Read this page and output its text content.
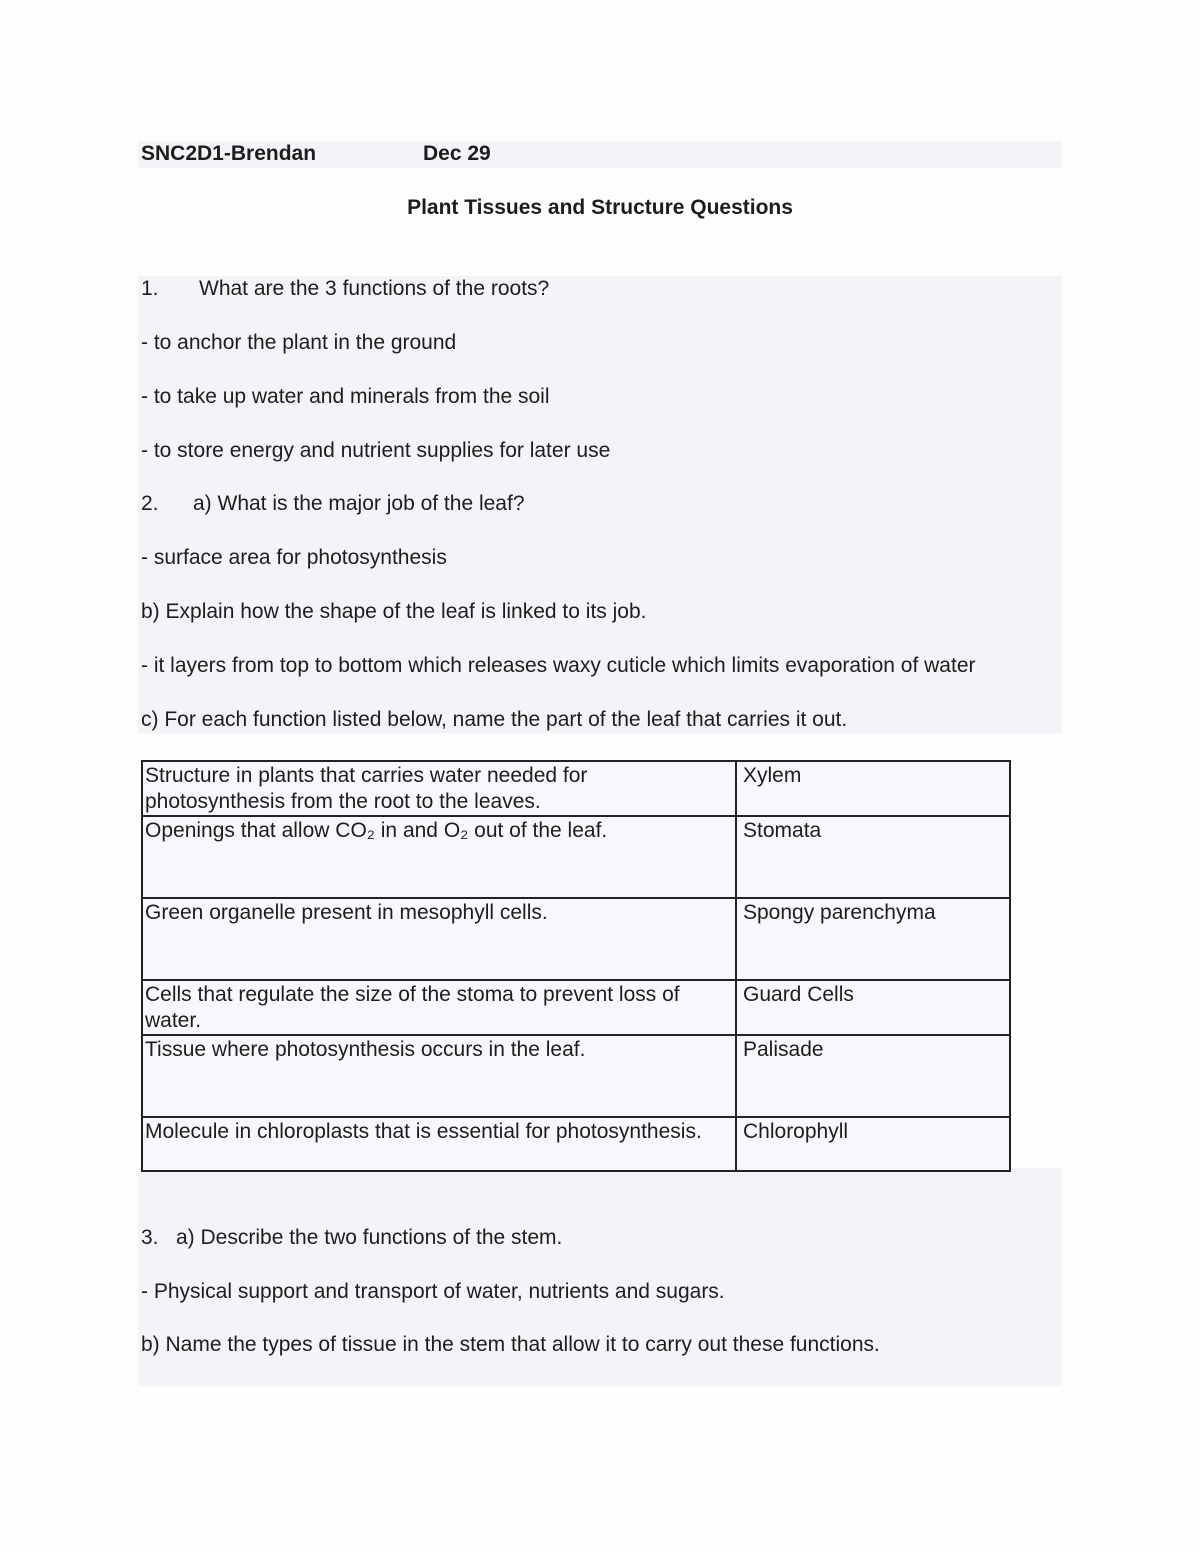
SNC2D1-Brendan	Dec 29
Plant Tissues and Structure Questions
1. What are the 3 functions of the roots?
- to anchor the plant in the ground
- to take up water and minerals from the soil
- to store energy and nutrient supplies for later use
2. a) What is the major job of the leaf?
- surface area for photosynthesis
b) Explain how the shape of the leaf is linked to its job.
- it layers from top to bottom which releases waxy cuticle which limits evaporation of water
c) For each function listed below, name the part of the leaf that carries it out.
Structure in plants that carries water needed for photosynthesis from the root to the leaves.	Xylem
Openings that allow CO₂ in and O₂ out of the leaf.	Stomata
Green organelle present in mesophyll cells.	Spongy parenchyma
Cells that regulate the size of the stoma to prevent loss of water.	Guard Cells
Tissue where photosynthesis occurs in the leaf.	Palisade
Molecule in chloroplasts that is essential for photosynthesis.	Chlorophyll
3. a) Describe the two functions of the stem.
- Physical support and transport of water, nutrients and sugars.
b) Name the types of tissue in the stem that allow it to carry out these functions.
